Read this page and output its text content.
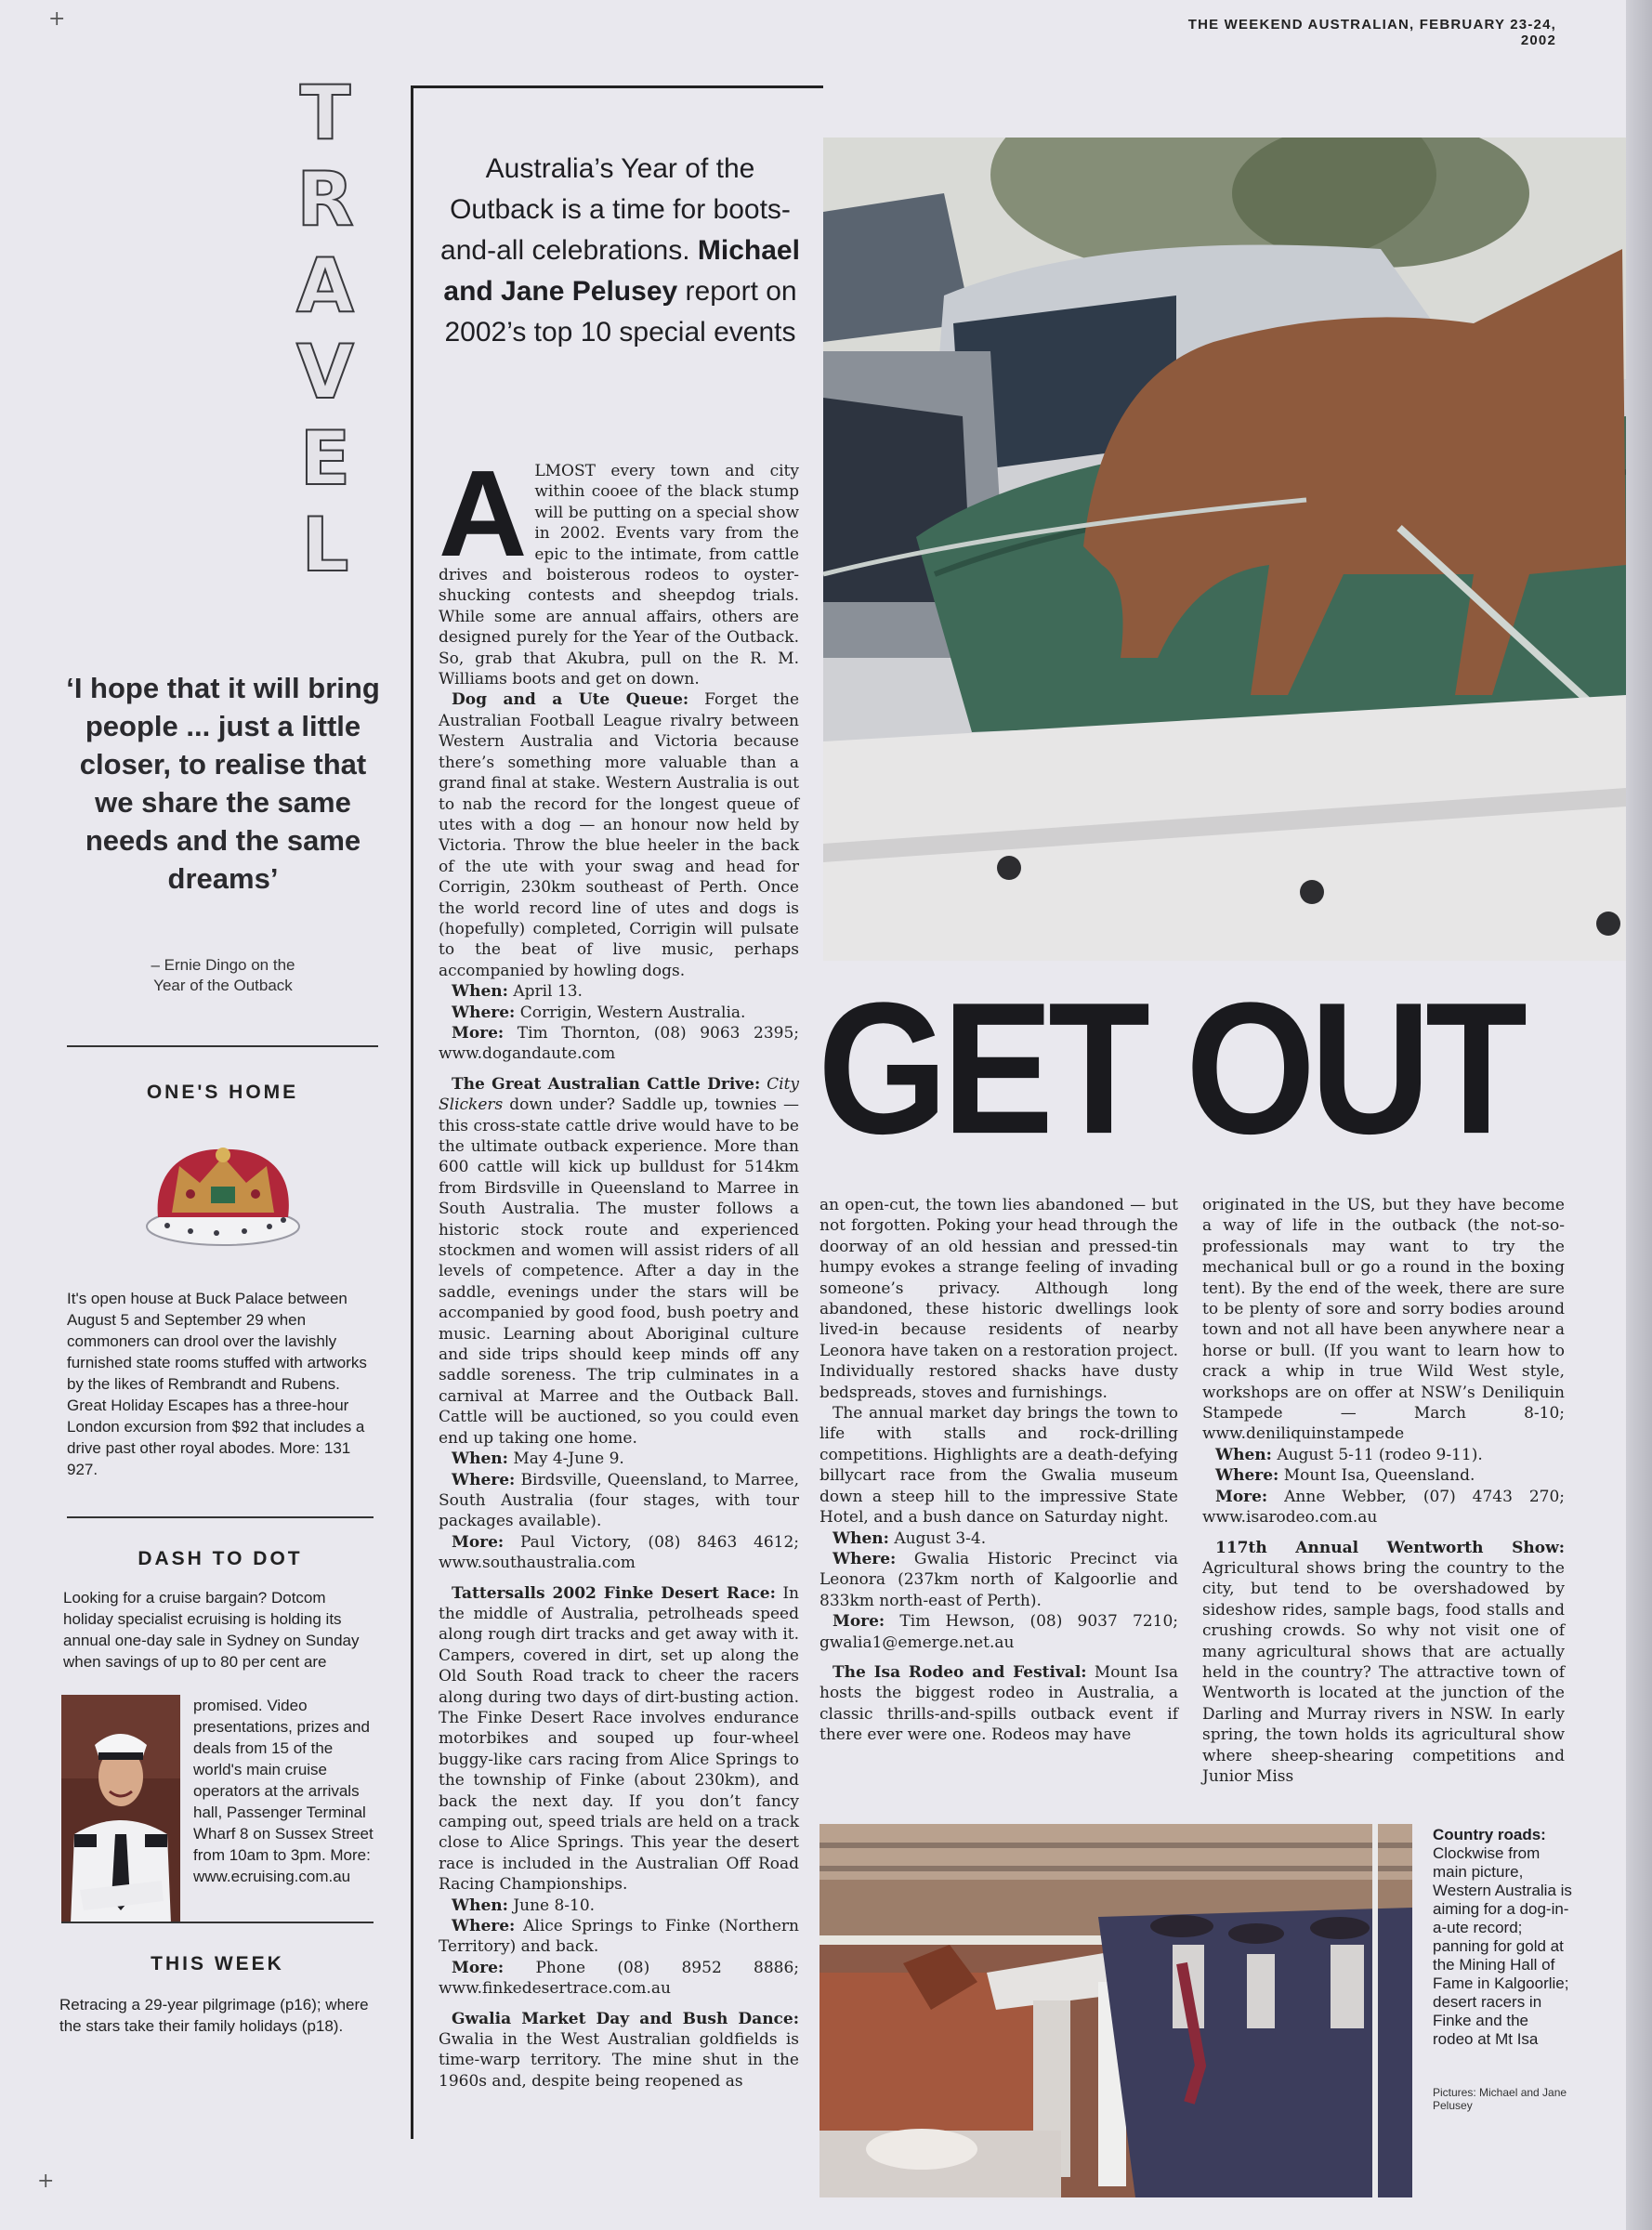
+
+
THE WEEKEND AUSTRALIAN, FEBRUARY 23-24, 2002
T
R
A
V
E
L
‘I hope that it will bring people ... just a little closer, to realise that we share the same needs and the same dreams’
– Ernie Dingo on the
Year of the Outback
ONE'S HOME
It's open house at Buck Palace between August 5 and September 29 when commoners can drool over the lavishly furnished state rooms stuffed with artworks by the likes of Rembrandt and Rubens. Great Holiday Escapes has a three-hour London excursion from $92 that includes a drive past other royal abodes. More: 131 927.
DASH TO DOT
Looking for a cruise bargain? Dotcom holiday specialist ecruising is holding its annual one-day sale in Sydney on Sunday when savings of up to 80 per cent are
promised. Video presentations, prizes and deals from 15 of the world's main cruise operators at the arrivals hall, Passenger Terminal Wharf 8 on Sussex Street from 10am to 3pm. More: www.ecruising.com.au
THIS WEEK
Retracing a 29-year pilgrimage (p16); where the stars take their family holidays (p18).
Australia’s Year of the Outback is a time for boots-and-all celebrations. Michael and Jane Pelusey report on 2002’s top 10 special events

ALMOST every town and city within cooee of the black stump will be putting on a special show in 2002. Events vary from the epic to the intimate, from cattle drives and boisterous rodeos to oyster-shucking contests and sheepdog trials. While some are annual affairs, others are designed purely for the Year of the Outback. So, grab that Akubra, pull on the R. M. Williams boots and get on down.

Dog and a Ute Queue: Forget the Australian Football League rivalry between Western Australia and Victoria because there’s something more valuable than a grand final at stake. Western Australia is out to nab the record for the longest queue of utes with a dog — an honour now held by Victoria. Throw the blue heeler in the back of the ute with your swag and head for Corrigin, 230km southeast of Perth. Once the world record line of utes and dogs is (hopefully) completed, Corrigin will pulsate to the beat of live music, perhaps accompanied by howling dogs.

When: April 13.

Where: Corrigin, Western Australia.

More: Tim Thornton, (08) 9063 2395; www.dogandaute.com

The Great Australian Cattle Drive: City Slickers down under? Saddle up, townies — this cross-state cattle drive would have to be the ultimate outback experience. More than 600 cattle will kick up bulldust for 514km from Birdsville in Queensland to Marree in South Australia. The muster follows a historic stock route and experienced stockmen and women will assist riders of all levels of competence. After a day in the saddle, evenings under the stars will be accompanied by good food, bush poetry and music. Learning about Aboriginal culture and side trips should keep minds off any saddle soreness. The trip culminates in a carnival at Marree and the Outback Ball. Cattle will be auctioned, so you could even end up taking one home.

When: May 4-June 9.

Where: Birdsville, Queensland, to Marree, South Australia (four stages, with tour packages available).

More: Paul Victory, (08) 8463 4612; www.southaustralia.com

Tattersalls 2002 Finke Desert Race: In the middle of Australia, petrolheads speed along rough dirt tracks and get away with it. Campers, covered in dirt, set up along the Old South Road track to cheer the racers along during two days of dirt-busting action. The Finke Desert Race involves endurance motorbikes and souped up four-wheel buggy-like cars racing from Alice Springs to the township of Finke (about 230km), and back the next day. If you don’t fancy camping out, speed trials are held on a track close to Alice Springs. This year the desert race is included in the Australian Off Road Racing Championships.

When: June 8-10.

Where: Alice Springs to Finke (Northern Territory) and back.

More: Phone (08) 8952 8886; www.finkedesertrace.com.au

Gwalia Market Day and Bush Dance: Gwalia in the West Australian goldfields is time-warp territory. The mine shut in the 1960s and, despite being reopened as

GET OUT

an open-cut, the town lies abandoned — but not forgotten. Poking your head through the doorway of an old hessian and pressed-tin humpy evokes a strange feeling of invading someone’s privacy. Although long abandoned, these historic dwellings look lived-in because residents of nearby Leonora have taken on a restoration project. Individually restored shacks have dusty bedspreads, stoves and furnishings.

The annual market day brings the town to life with stalls and rock-drilling competitions. Highlights are a death-defying billycart race from the Gwalia museum down a steep hill to the impressive State Hotel, and a bush dance on Saturday night.

When: August 3-4.

Where: Gwalia Historic Precinct via Leonora (237km north of Kalgoorlie and 833km north-east of Perth).

More: Tim Hewson, (08) 9037 7210; gwalia1@emerge.net.au

The Isa Rodeo and Festival: Mount Isa hosts the biggest rodeo in Australia, a classic thrills-and-spills outback event if there ever were one. Rodeos may have

originated in the US, but they have become a way of life in the outback (the not-so-professionals may want to try the mechanical bull or go a round in the boxing tent). By the end of the week, there are sure to be plenty of sore and sorry bodies around town and not all have been anywhere near a horse or bull. (If you want to learn how to crack a whip in true Wild West style, workshops are on offer at NSW’s Deniliquin Stampede — March 8-10; www.deniliquinstampede

When: August 5-11 (rodeo 9-11).

Where: Mount Isa, Queensland.

More: Anne Webber, (07) 4743 270; www.isarodeo.com.au

117th Annual Wentworth Show: Agricultural shows bring the country to the city, but tend to be overshadowed by sideshow rides, sample bags, food stalls and crushing crowds. So why not visit one of many agricultural shows that are actually held in the country? The attractive town of Wentworth is located at the junction of the Darling and Murray rivers in NSW. In early spring, the town holds its agricultural show where sheep-shearing competitions and Junior Miss

Country roads:
Clockwise from main picture, Western Australia is aiming for a dog-in-a-ute record; panning for gold at the Mining Hall of Fame in Kalgoorlie; desert racers in Finke and the rodeo at Mt Isa
Pictures: Michael and Jane Pelusey
